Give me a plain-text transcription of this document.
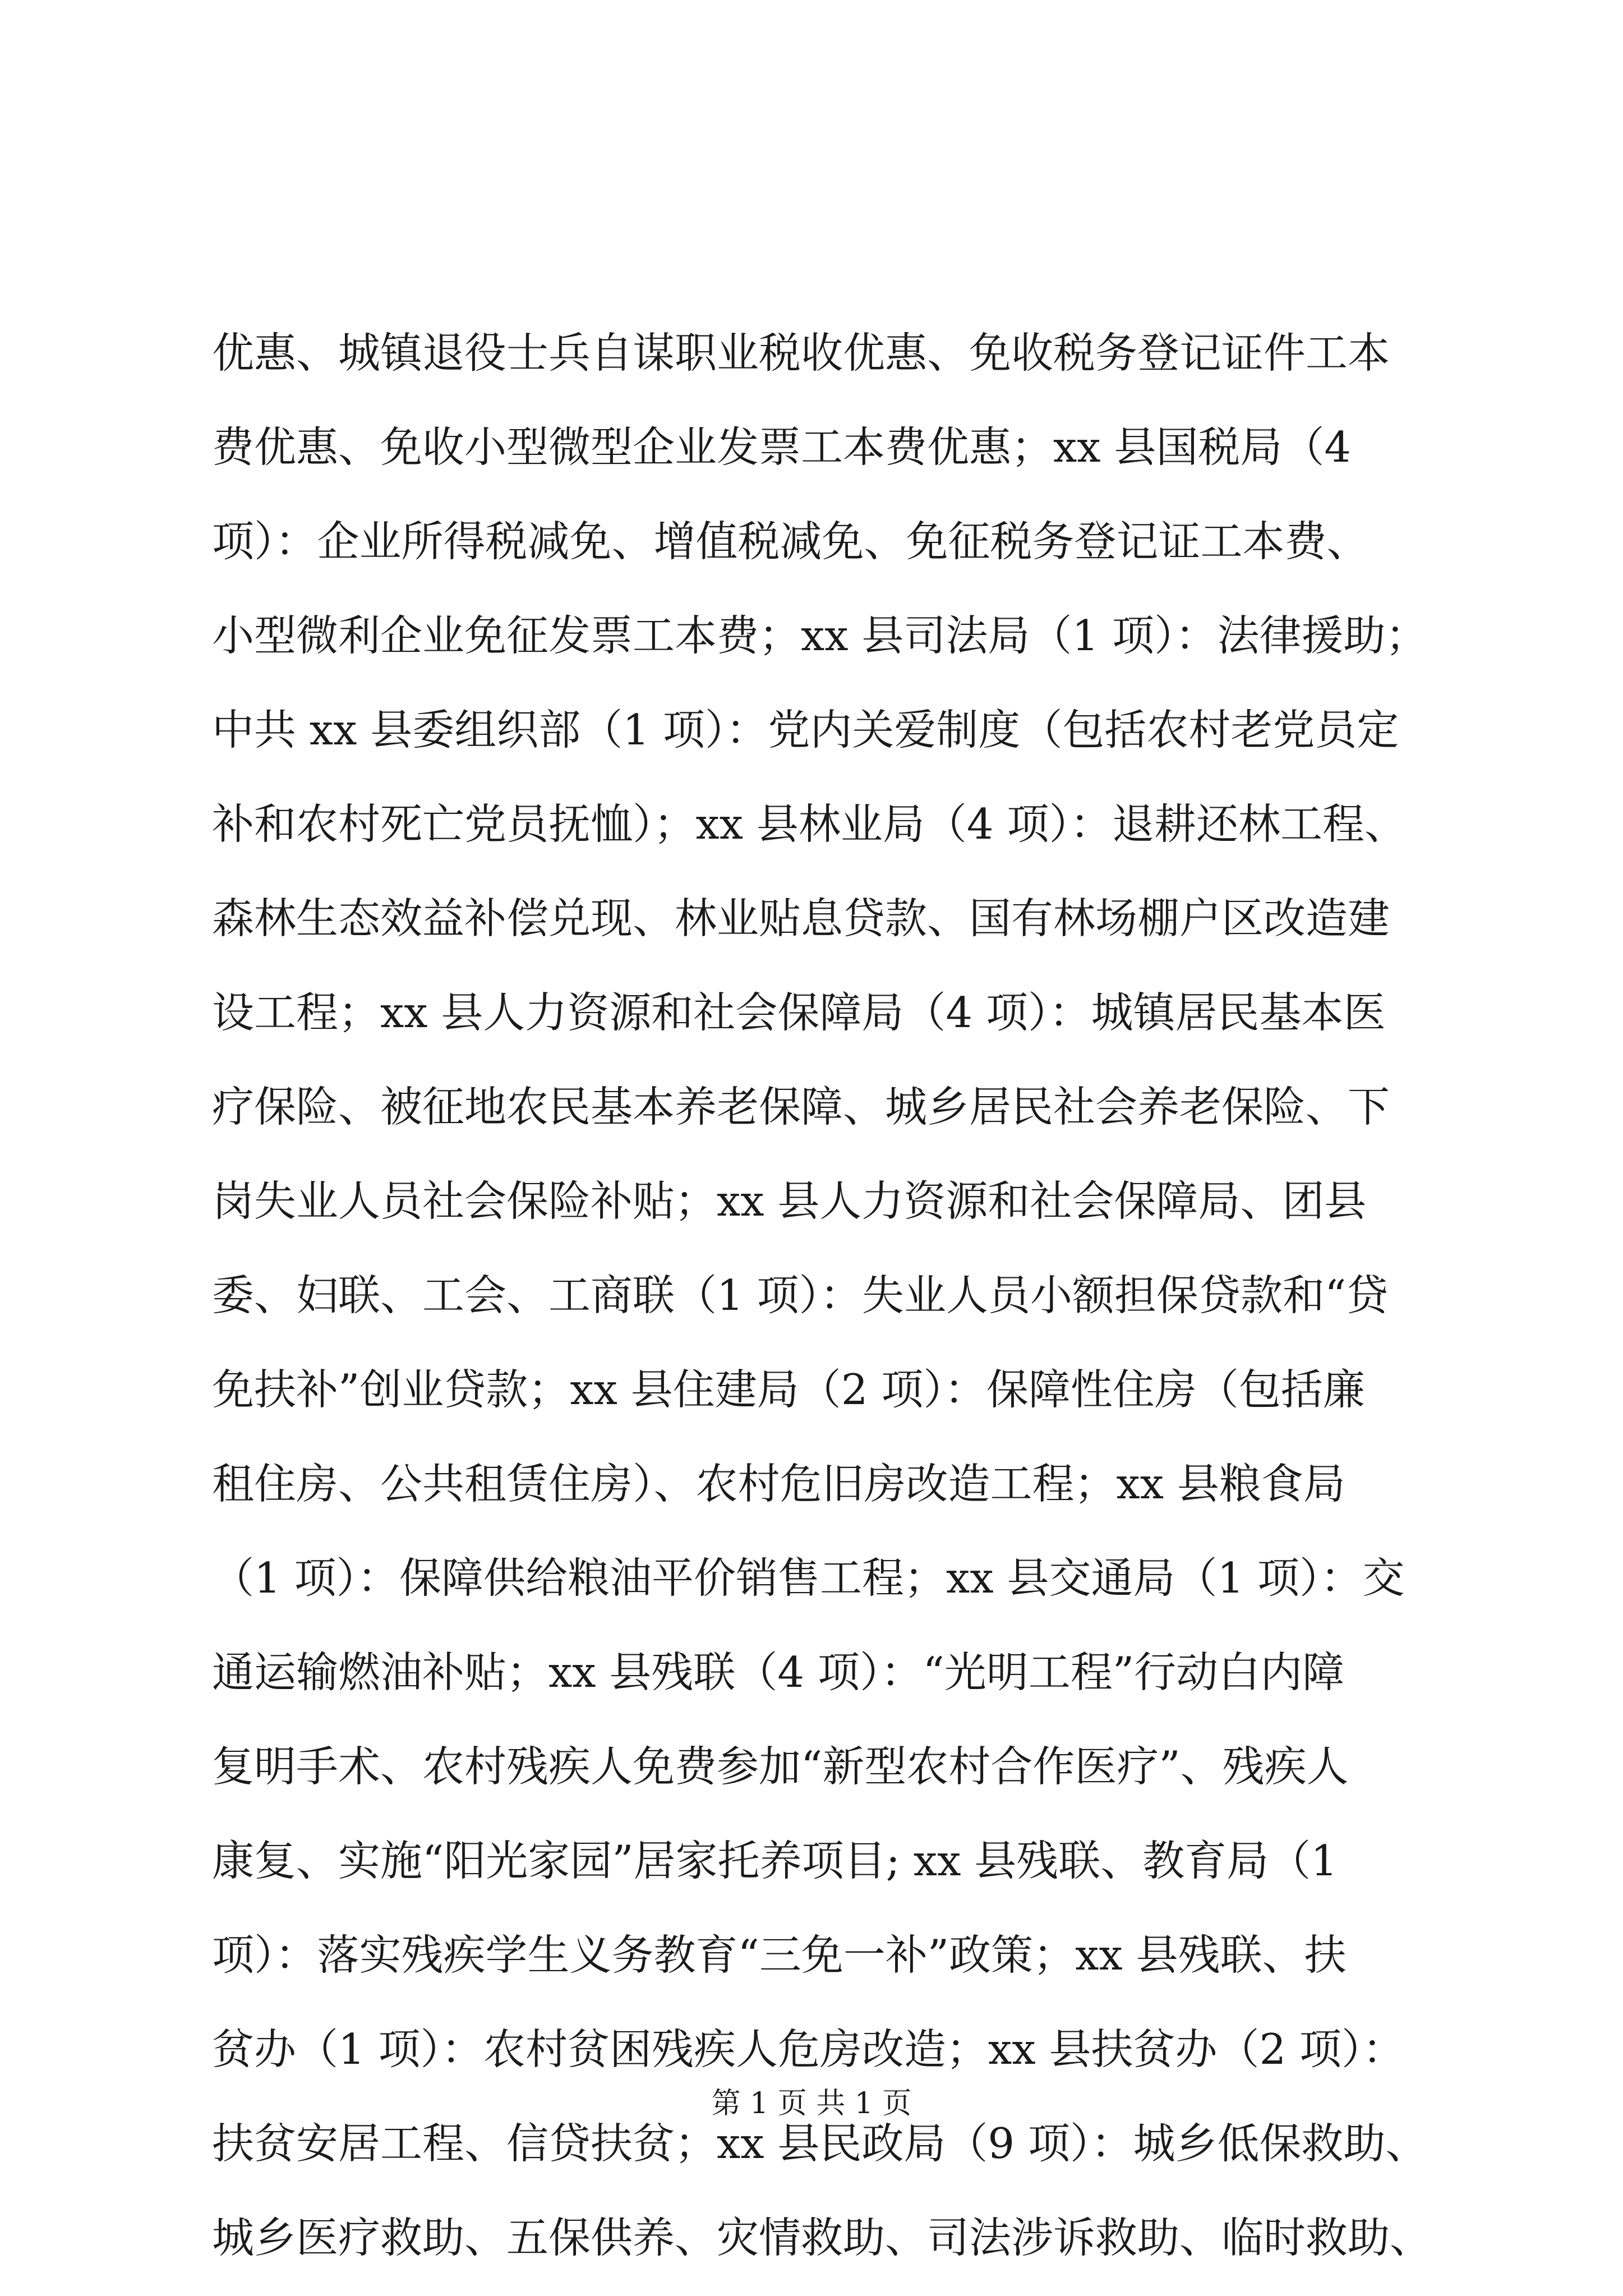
优惠、城镇退役士兵自谋职业税收优惠、免收税务登记证件工本
费优惠、免收小型微型企业发票工本费优惠；xx 县国税局（4
项）：企业所得税减免、增值税减免、免征税务登记证工本费、
小型微利企业免征发票工本费；xx 县司法局（1 项）：法律援助；
中共 xx 县委组织部（1 项）：党内关爱制度（包括农村老党员定
补和农村死亡党员抚恤）；xx 县林业局（4 项）：退耕还林工程、
森林生态效益补偿兑现、林业贴息贷款、国有林场棚户区改造建
设工程；xx 县人力资源和社会保障局（4 项）：城镇居民基本医
疗保险、被征地农民基本养老保障、城乡居民社会养老保险、下
岗失业人员社会保险补贴；xx 县人力资源和社会保障局、团县
委、妇联、工会、工商联（1 项）：失业人员小额担保贷款和“贷
免扶补”创业贷款；xx 县住建局（2 项）：保障性住房（包括廉
租住房、公共租赁住房）、农村危旧房改造工程；xx 县粮食局
（1 项）：保障供给粮油平价销售工程；xx 县交通局（1 项）：交
通运输燃油补贴；xx 县残联（4 项）：“光明工程”行动白内障
复明手术、农村残疾人免费参加“新型农村合作医疗”、残疾人
康复、实施“阳光家园”居家托养项目; xx 县残联、教育局（1
项）：落实残疾学生义务教育“三免一补”政策；xx 县残联、扶
贫办（1 项）：农村贫困残疾人危房改造；xx 县扶贫办（2 项）：
扶贫安居工程、信贷扶贫；xx 县民政局（9 项）：城乡低保救助、
城乡医疗救助、五保供养、灾情救助、司法涉诉救助、临时救助、
第 1 页 共 1 页
